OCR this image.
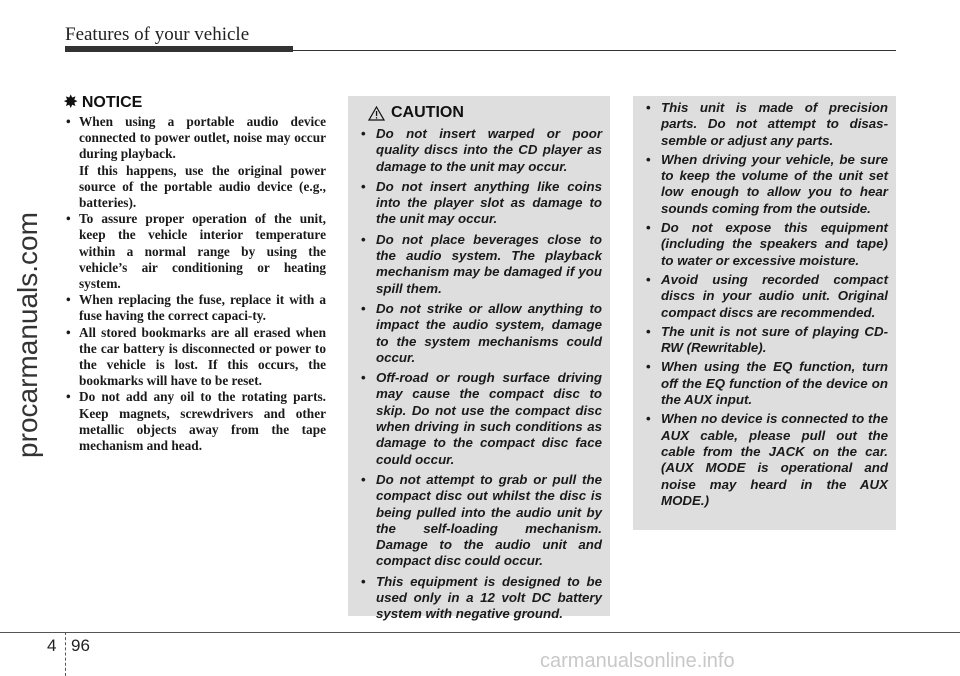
Features of your vehicle
procarmanuals.com
✸ NOTICE
• When using a portable audio device connected to power outlet, noise may occur during playback.
If this happens, use the original power source of the portable audio device (e.g., batteries).
• To assure proper operation of the unit, keep the vehicle interior temperature within a normal range by using the vehicle’s air conditioning or heating system.
• When replacing the fuse, replace it with a fuse having the correct capaci-ty.
• All stored bookmarks are all erased when the car battery is disconnected or power to the vehicle is lost. If this occurs, the bookmarks will have to be reset.
• Do not add any oil to the rotating parts. Keep magnets, screwdrivers and other metallic objects away from the tape mechanism and head.
CAUTION
• Do not insert warped or poor quality discs into the CD player as damage to the unit may occur.
• Do not insert anything like coins into the player slot as damage to the unit may occur.
• Do not place beverages close to the audio system. The playback mechanism may be damaged if you spill them.
• Do not strike or allow anything to impact the audio system, damage to the system mechanisms could occur.
• Off-road or rough surface driving may cause the compact disc to skip. Do not use the compact disc when driving in such conditions as damage to the compact disc face could occur.
• Do not attempt to grab or pull the compact disc out whilst the disc is being pulled into the audio unit by the self-loading mechanism. Damage to the audio unit and compact disc could occur.
• This equipment is designed to be used only in a 12 volt DC battery system with negative ground.
• This unit is made of precision parts. Do not attempt to disas-semble or adjust any parts.
• When driving your vehicle, be sure to keep the volume of the unit set low enough to allow you to hear sounds coming from the outside.
• Do not expose this equipment (including the speakers and tape) to water or excessive moisture.
• Avoid using recorded compact discs in your audio unit. Original compact discs are recommended.
• The unit is not sure of playing CD-RW (Rewritable).
• When using the EQ function, turn off the EQ function of the device on the AUX input.
• When no device is connected to the AUX cable, please pull out the cable from the JACK on the car. (AUX MODE is operational and noise may heard in the AUX MODE.)
4 96
carmanualsonline.info
